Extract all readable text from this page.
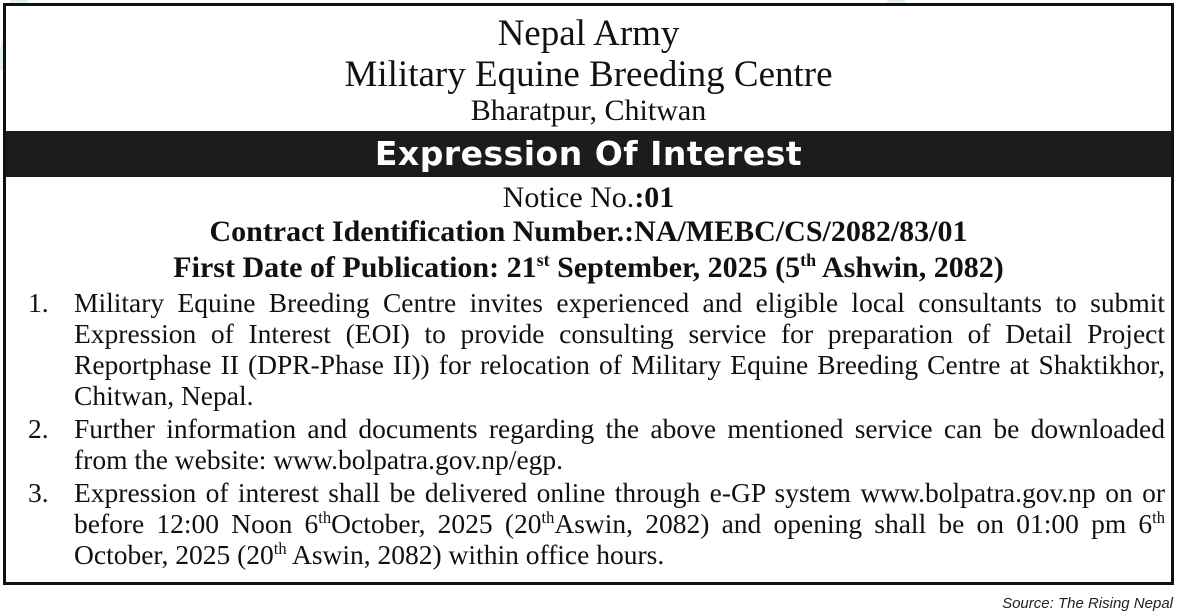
Nepal Army
Military Equine Breeding Centre
Bharatpur, Chitwan
Expression Of Interest
Notice No.:01
Contract Identification Number.:NA/MEBC/CS/2082/83/01
First Date of Publication: 21st September, 2025 (5th Ashwin, 2082)
1. Military Equine Breeding Centre invites experienced and eligible local consultants to submit Expression of Interest (EOI) to provide consulting service for preparation of Detail Project Reportphase II (DPR-Phase II)) for relocation of Military Equine Breeding Centre at Shaktikhor, Chitwan, Nepal.
2. Further information and documents regarding the above mentioned service can be downloaded from the website: www.bolpatra.gov.np/egp.
3. Expression of interest shall be delivered online through e-GP system www.bolpatra.gov.np on or before 12:00 Noon 6thOctober, 2025 (20thAswin, 2082) and opening shall be on 01:00 pm 6th October, 2025 (20th Aswin, 2082) within office hours.
Source: The Rising Nepal
